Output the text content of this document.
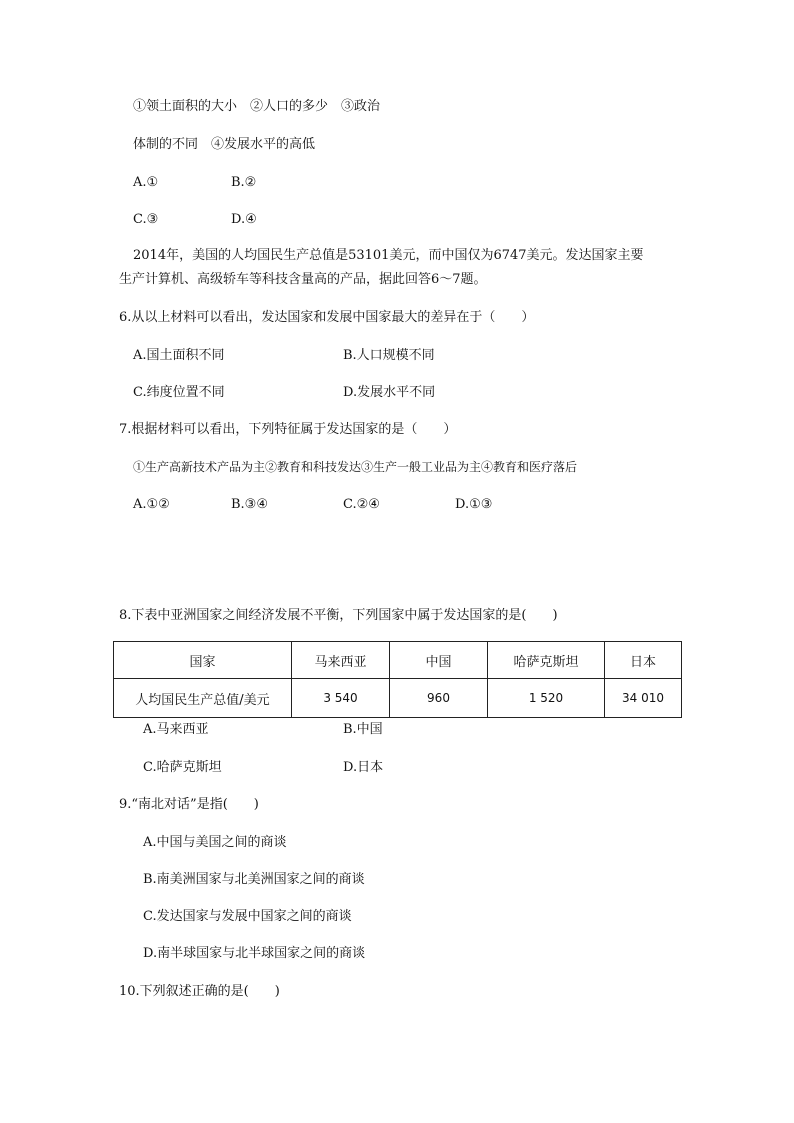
①领土面积的大小　②人口的多少　③政治
体制的不同　④发展水平的高低
A.①	B.②
C.③	D.④
2014年，美国的人均国民生产总值是53101美元，而中国仅为6747美元。发达国家主要
生产计算机、高级轿车等科技含量高的产品，据此回答6～7题。
6.从以上材料可以看出，发达国家和发展中国家最大的差异在于（　　）
A.国土面积不同	B.人口规模不同
C.纬度位置不同	D.发展水平不同
7.根据材料可以看出，下列特征属于发达国家的是（　　）
①生产高新技术产品为主②教育和科技发达③生产一般工业品为主④教育和医疗落后
A.①②	B.③④	C.②④	D.①③
8.下表中亚洲国家之间经济发展不平衡，下列国家中属于发达国家的是(　　)
国家	马来西亚	中国	哈萨克斯坦	日本
人均国民生产总值/美元	3 540	960	1 520	34 010
A.马来西亚	B.中国
C.哈萨克斯坦	D.日本
9.“南北对话”是指(　　)
A.中国与美国之间的商谈
B.南美洲国家与北美洲国家之间的商谈
C.发达国家与发展中国家之间的商谈
D.南半球国家与北半球国家之间的商谈
10.下列叙述正确的是(　　)
